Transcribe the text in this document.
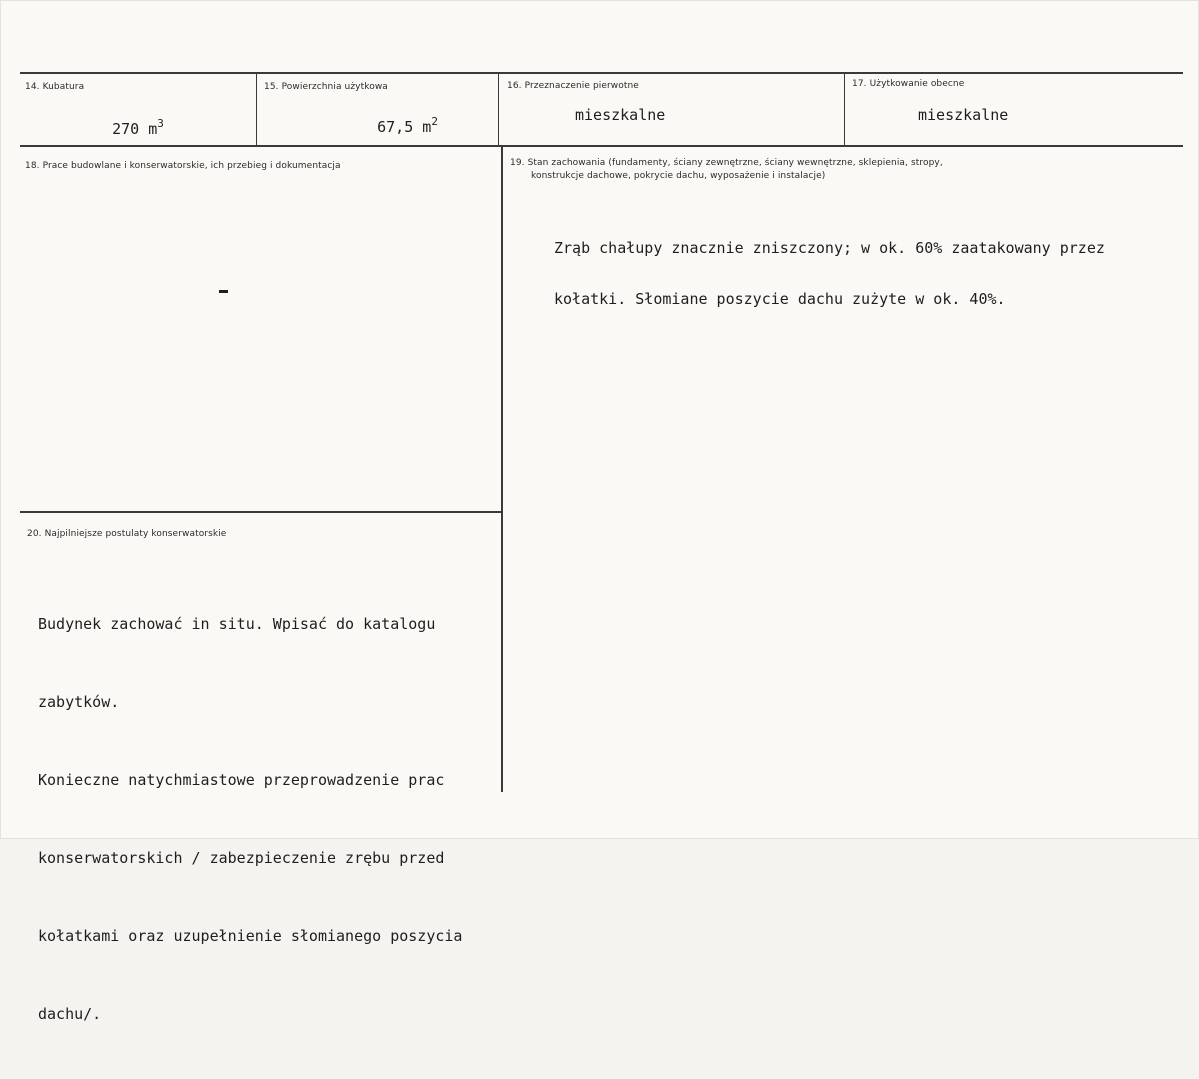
14. Kubatura

270 $m^3$

15. Powierzchnia użytkowa

67,5 $m^2$

16. Przeznaczenie pierwotne
mieszkalne
17. Użytkowanie obecne
mieszkalne
18. Prace budowlane i konserwatorskie, ich przebieg i dokumentacja	19. Stan zachowania (fundamenty, ściany zewnętrzne, ściany wewnętrzne, sklepienia, stropy,
konstrukcje dachowe, pokrycie dachu, wyposażenie i instalacje)

Zrąb chałupy znacznie zniszczony; w ok. 60% zaatakowany przez

kołatki. Słomiane poszycie dachu zużyte w ok. 40%.

20. Najpilniejsze postulaty konserwatorskie

Budynek zachować in situ. Wpisać do katalogu

zabytków.

Konieczne natychmiastowe przeprowadzenie prac

konserwatorskich / zabezpieczenie zrębu przed

kołatkami oraz uzupełnienie słomianego poszycia

dachu/.
